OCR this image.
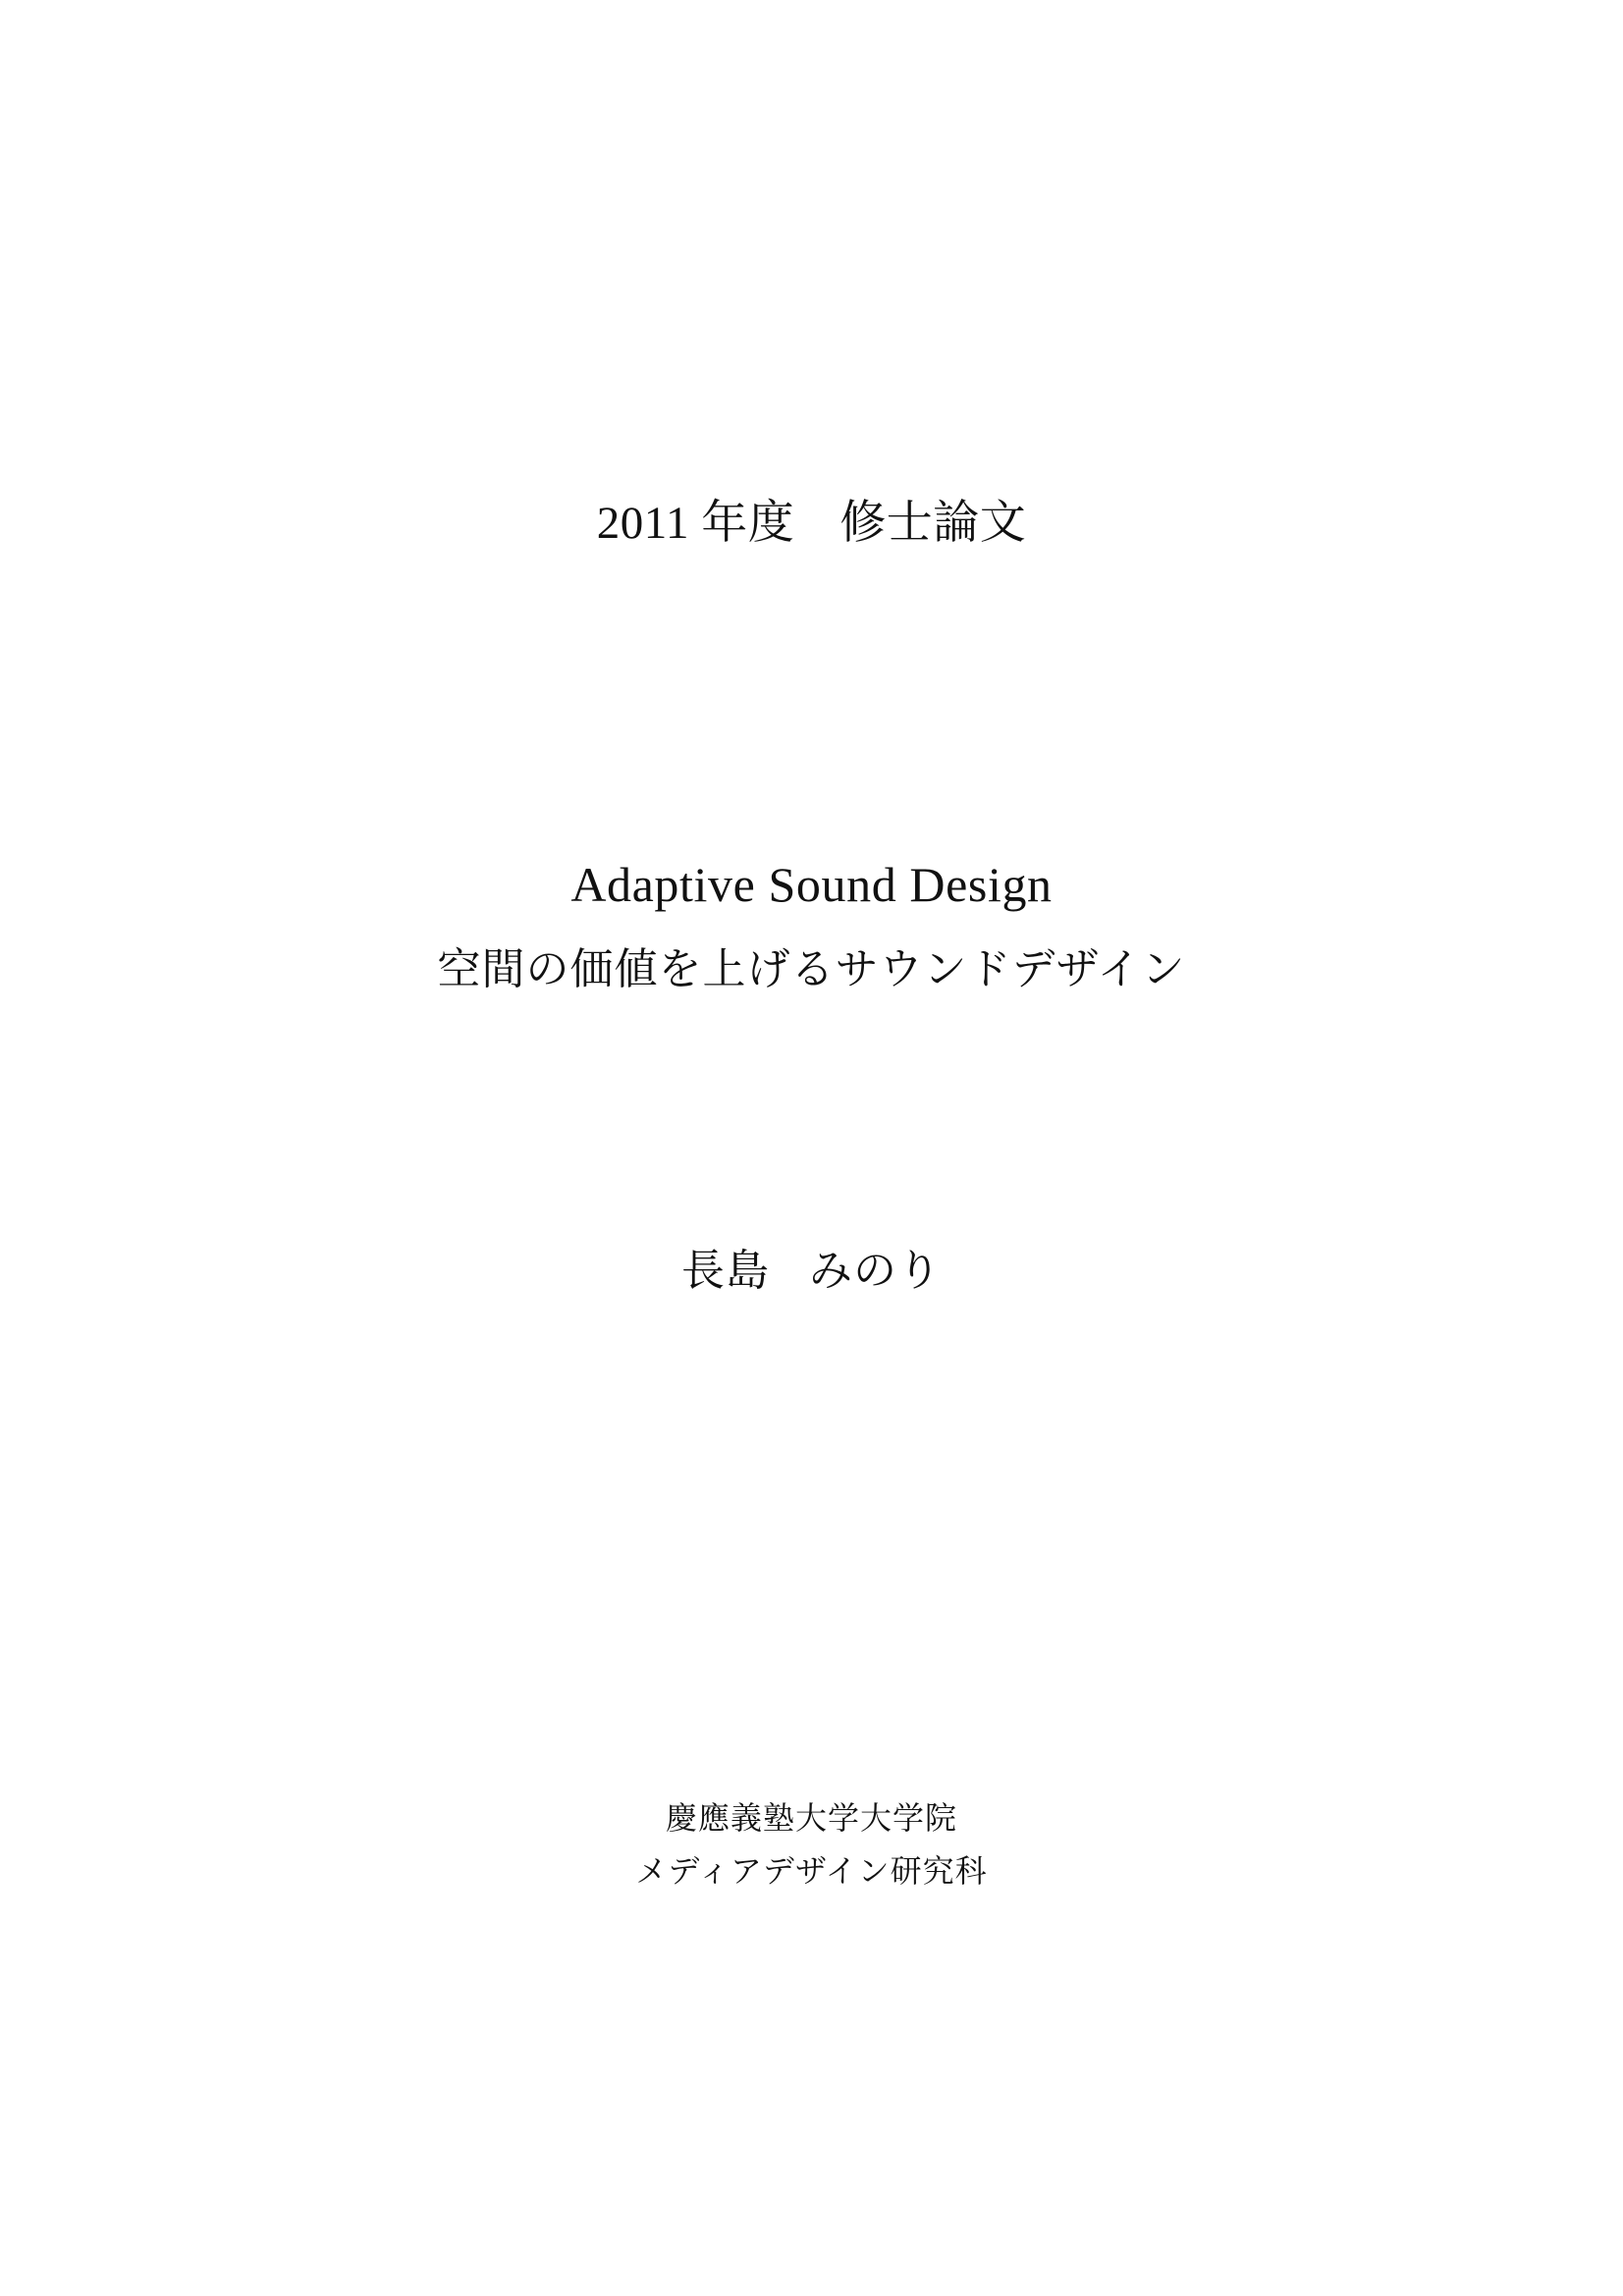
2011 年度 修士論文
Adaptive Sound Design
空間の価値を上げるサウンドデザイン
長島 みのり
慶應義塾大学大学院
メディアデザイン研究科
